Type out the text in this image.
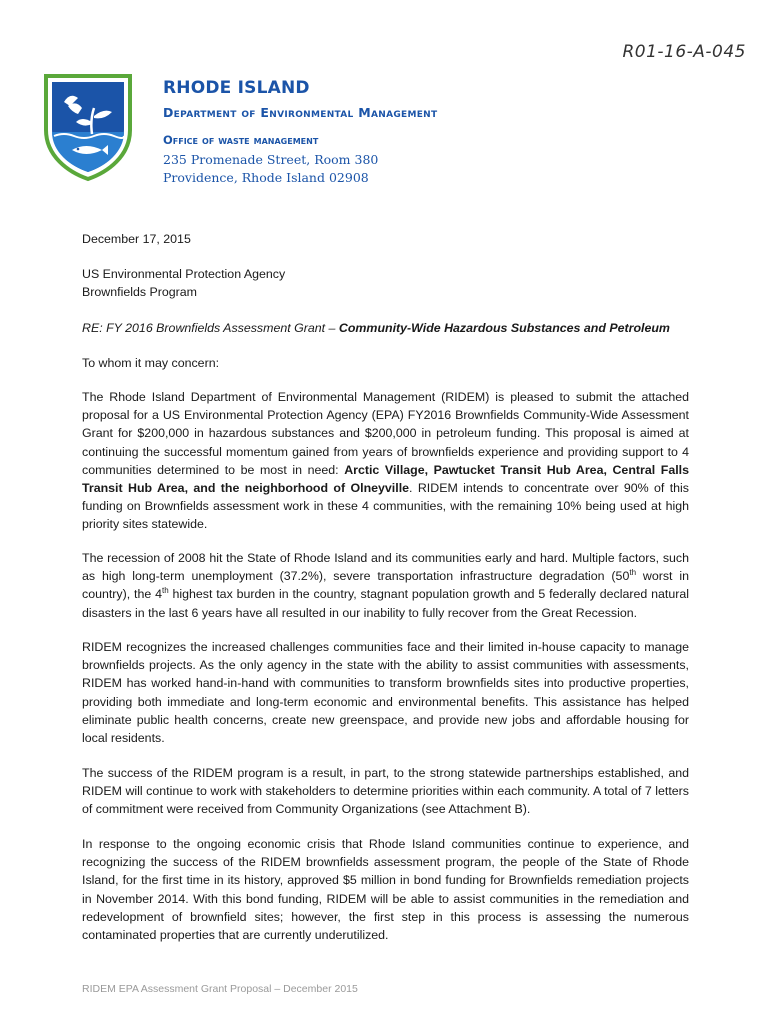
R01-16-A-045
RHODE ISLAND
Department of Environmental Management
Office of waste management
235 Promenade Street, Room 380
Providence, Rhode Island 02908
December 17, 2015
US Environmental Protection Agency
Brownfields Program
RE: FY 2016 Brownfields Assessment Grant – Community-Wide Hazardous Substances and Petroleum
To whom it may concern:
The Rhode Island Department of Environmental Management (RIDEM) is pleased to submit the attached proposal for a US Environmental Protection Agency (EPA) FY2016 Brownfields Community-Wide Assessment Grant for $200,000 in hazardous substances and $200,000 in petroleum funding. This proposal is aimed at continuing the successful momentum gained from years of brownfields experience and providing support to 4 communities determined to be most in need: Arctic Village, Pawtucket Transit Hub Area, Central Falls Transit Hub Area, and the neighborhood of Olneyville. RIDEM intends to concentrate over 90% of this funding on Brownfields assessment work in these 4 communities, with the remaining 10% being used at high priority sites statewide.
The recession of 2008 hit the State of Rhode Island and its communities early and hard. Multiple factors, such as high long-term unemployment (37.2%), severe transportation infrastructure degradation (50th worst in country), the 4th highest tax burden in the country, stagnant population growth and 5 federally declared natural disasters in the last 6 years have all resulted in our inability to fully recover from the Great Recession.
RIDEM recognizes the increased challenges communities face and their limited in-house capacity to manage brownfields projects. As the only agency in the state with the ability to assist communities with assessments, RIDEM has worked hand-in-hand with communities to transform brownfields sites into productive properties, providing both immediate and long-term economic and environmental benefits. This assistance has helped eliminate public health concerns, create new greenspace, and provide new jobs and affordable housing for local residents.
The success of the RIDEM program is a result, in part, to the strong statewide partnerships established, and RIDEM will continue to work with stakeholders to determine priorities within each community. A total of 7 letters of commitment were received from Community Organizations (see Attachment B).
In response to the ongoing economic crisis that Rhode Island communities continue to experience, and recognizing the success of the RIDEM brownfields assessment program, the people of the State of Rhode Island, for the first time in its history, approved $5 million in bond funding for Brownfields remediation projects in November 2014. With this bond funding, RIDEM will be able to assist communities in the remediation and redevelopment of brownfield sites; however, the first step in this process is assessing the numerous contaminated properties that are currently underutilized.
RIDEM EPA Assessment Grant Proposal – December 2015
